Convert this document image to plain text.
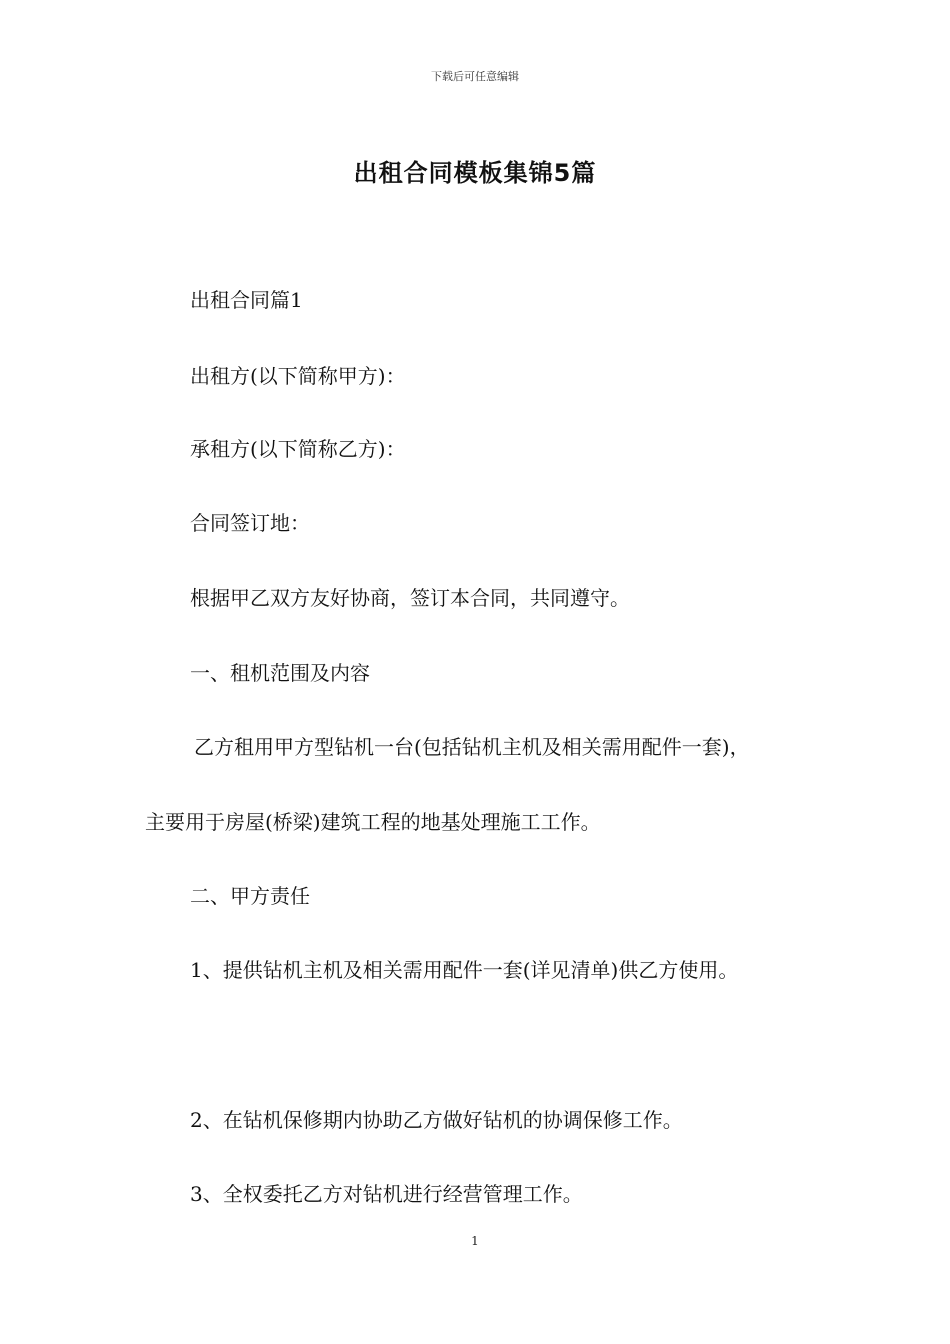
下载后可任意编辑
出租合同模板集锦5篇
出租合同篇1
出租方(以下简称甲方)：
承租方(以下简称乙方)：
合同签订地：
根据甲乙双方友好协商，签订本合同，共同遵守。
一、租机范围及内容
乙方租用甲方型钻机一台(包括钻机主机及相关需用配件一套)，
主要用于房屋(桥梁)建筑工程的地基处理施工工作。
二、甲方责任
1、提供钻机主机及相关需用配件一套(详见清单)供乙方使用。
2、在钻机保修期内协助乙方做好钻机的协调保修工作。
3、全权委托乙方对钻机进行经营管理工作。
1
